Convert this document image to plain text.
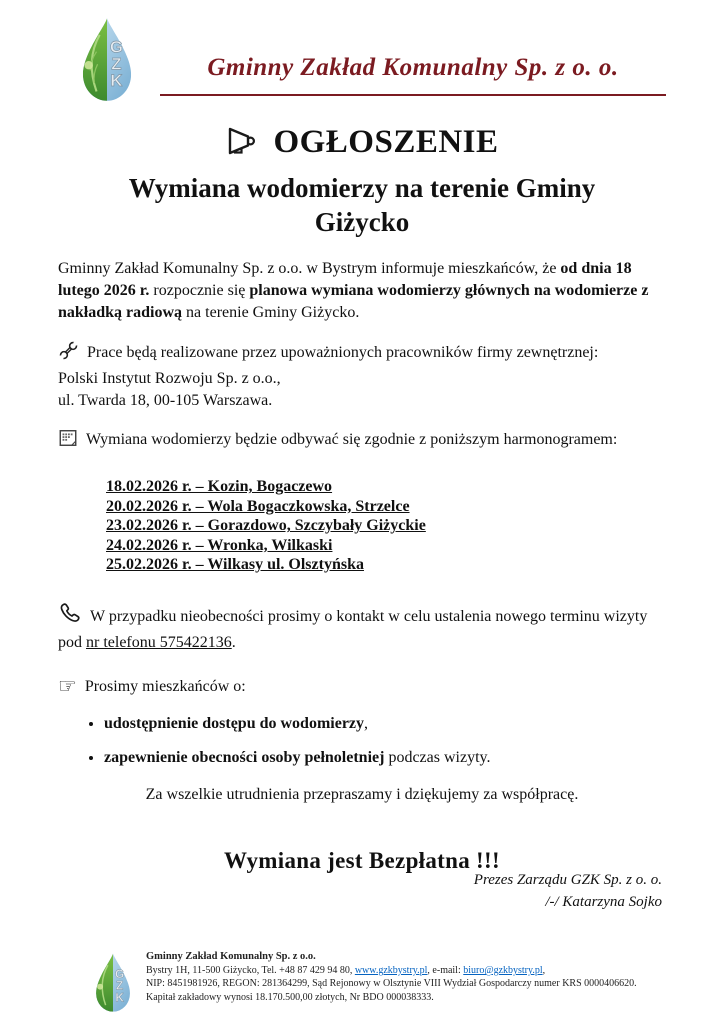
G
Z
K	Gminny Zakład Komunalny Sp. z o. o.
OGŁOSZENIE
Wymiana wodomierzy na terenie Gminy Giżycko

Gminny Zakład Komunalny Sp. z o.o. w Bystrym informuje mieszkańców, że od dnia 18 lutego 2026 r. rozpocznie się planowa wymiana wodomierzy głównych na wodomierze z nakładką radiową na terenie Gminy Giżycko.

Prace będą realizowane przez upoważnionych pracowników firmy zewnętrznej:
Polski Instytut Rozwoju Sp. z o.o.,
ul. Twarda 18, 00-105 Warszawa.

Wymiana wodomierzy będzie odbywać się zgodnie z poniższym harmonogramem:

18.02.2026 r. – Kozin, Bogaczewo
20.02.2026 r. – Wola Bogaczkowska, Strzelce
23.02.2026 r. – Gorazdowo, Szczybały Giżyckie
24.02.2026 r. – Wronka, Wilkaski
25.02.2026 r. – Wilkasy ul. Olsztyńska

W przypadku nieobecności prosimy o kontakt w celu ustalenia nowego terminu wizyty pod nr telefonu 575422136.

☞ Prosimy mieszkańców o:

• udostępnienie dostępu do wodomierzy,
• zapewnienie obecności osoby pełnoletniej podczas wizyty.

Za wszelkie utrudnienia przepraszamy i dziękujemy za współpracę.

Wymiana jest Bezpłatna !!!

Prezes Zarządu GZK Sp. z o. o.
/-/ Katarzyna Sojko
G
Z
K
Gminny Zakład Komunalny Sp. z o.o.
Bystry 1H, 11-500 Giżycko, Tel. +48 87 429 94 80, www.gzkbystry.pl, e-mail: biuro@gzkbystry.pl,
NIP: 8451981926, REGON: 281364299, Sąd Rejonowy w Olsztynie VIII Wydział Gospodarczy numer KRS 0000406620.
Kapitał zakładowy wynosi 18.170.500,00 złotych, Nr BDO 000038333.
